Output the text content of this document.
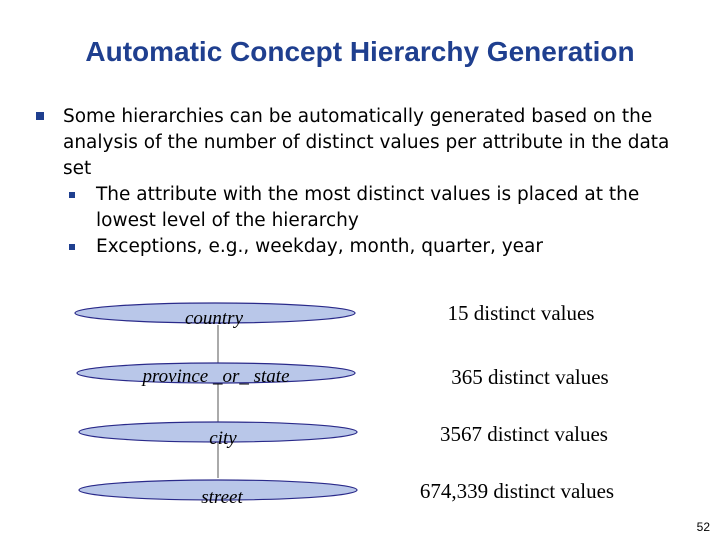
Automatic Concept Hierarchy Generation
Some hierarchies can be automatically generated based on the analysis of the number of distinct values per attribute in the data set
The attribute with the most distinct values is placed at the lowest level of the hierarchy
Exceptions, e.g., weekday, month, quarter, year
country	15 distinct values
province _or_ state	365 distinct values
city	3567 distinct values
street	674,339 distinct values
52
